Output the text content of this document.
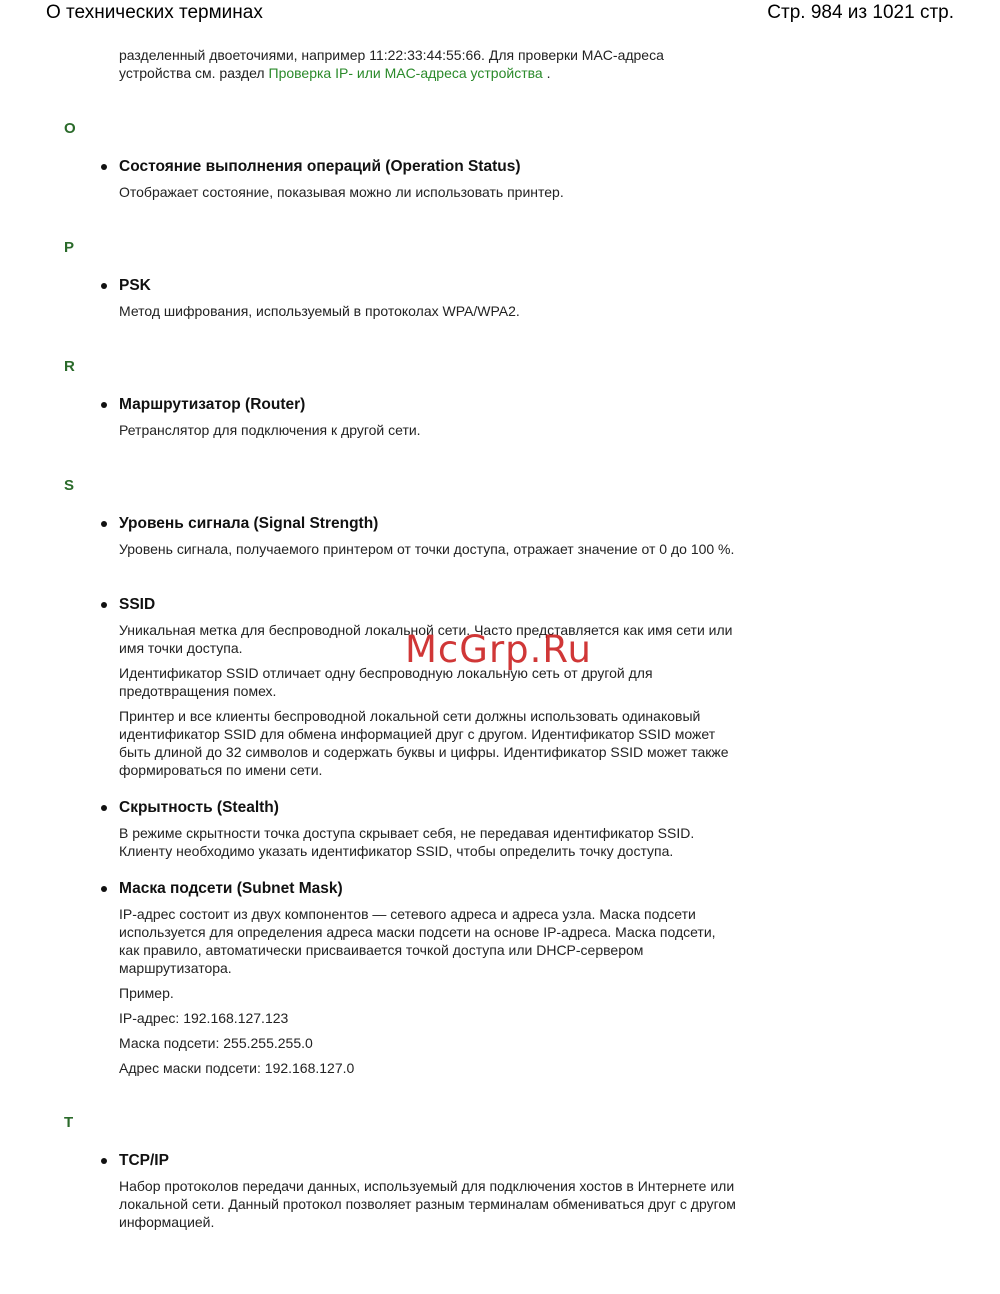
О технических терминах	Стр. 984 из 1021 стр.
разделенный двоеточиями, например 11:22:33:44:55:66. Для проверки MAC-адреса устройства см. раздел Проверка IP- или MAC-адреса устройства .
O
Состояние выполнения операций (Operation Status)
Отображает состояние, показывая можно ли использовать принтер.
P
PSK
Метод шифрования, используемый в протоколах WPA/WPA2.
R
Маршрутизатор (Router)
Ретранслятор для подключения к другой сети.
S
Уровень сигнала (Signal Strength)
Уровень сигнала, получаемого принтером от точки доступа, отражает значение от 0 до 100 %.
SSID
Уникальная метка для беспроводной локальной сети. Часто представляется как имя сети или имя точки доступа.
Идентификатор SSID отличает одну беспроводную локальную сеть от другой для предотвращения помех.
Принтер и все клиенты беспроводной локальной сети должны использовать одинаковый идентификатор SSID для обмена информацией друг с другом. Идентификатор SSID может быть длиной до 32 символов и содержать буквы и цифры. Идентификатор SSID может также формироваться по имени сети.
Скрытность (Stealth)
В режиме скрытности точка доступа скрывает себя, не передавая идентификатор SSID. Клиенту необходимо указать идентификатор SSID, чтобы определить точку доступа.
Маска подсети (Subnet Mask)
IP-адрес состоит из двух компонентов — сетевого адреса и адреса узла. Маска подсети используется для определения адреса маски подсети на основе IP-адреса. Маска подсети, как правило, автоматически присваивается точкой доступа или DHCP-сервером маршрутизатора.
Пример.
IP-адрес: 192.168.127.123
Маска подсети: 255.255.255.0
Адрес маски подсети: 192.168.127.0
T
TCP/IP
Набор протоколов передачи данных, используемый для подключения хостов в Интернете или локальной сети. Данный протокол позволяет разным терминалам обмениваться друг с другом информацией.
McGrp.Ru
